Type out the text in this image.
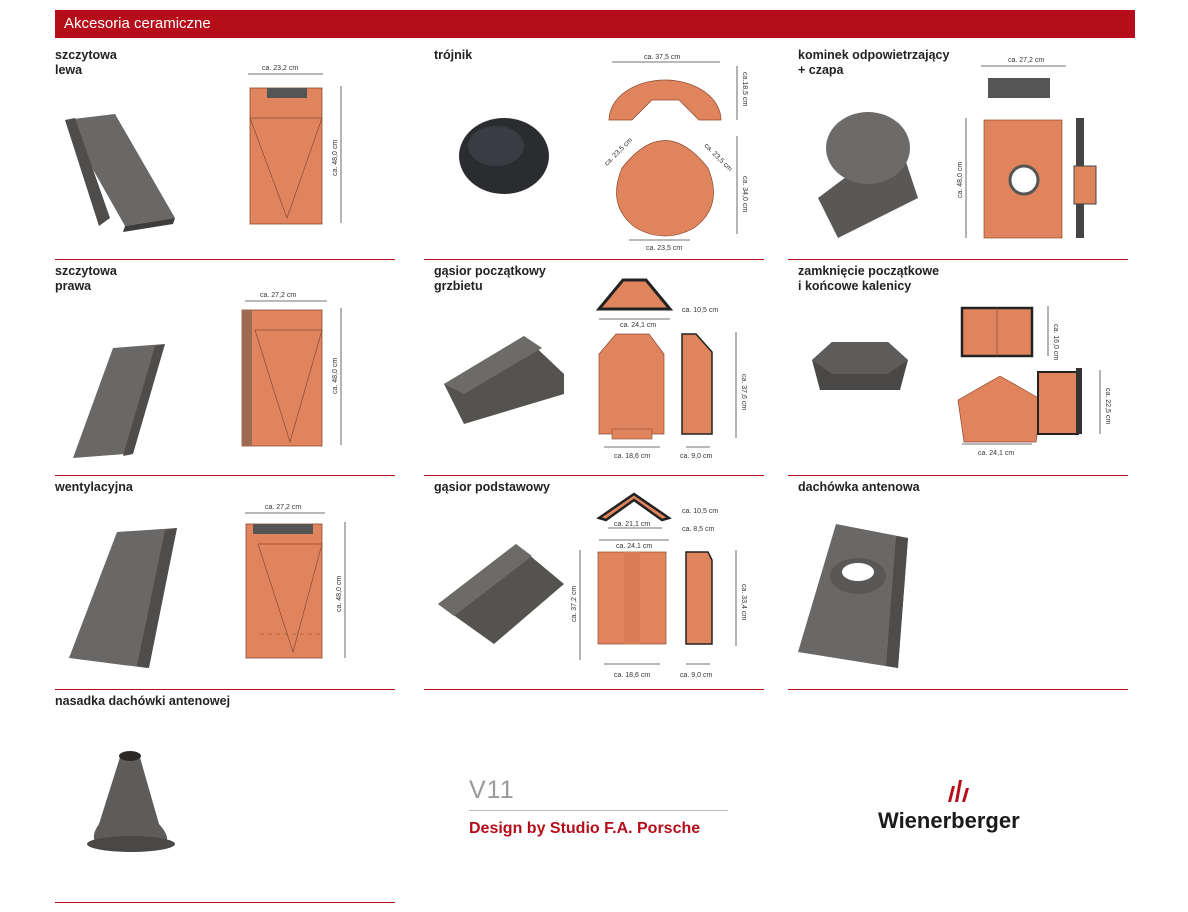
Akcesoria ceramiczne
szczytowa
lewa	ca. 23,2 cm
ca. 48,0 cm
trójnik	ca. 37,5 cm
ca.18,5 cm
ca. 23,5 cm	ca. 23,5 cm
ca. 34,0 cm
ca. 23,5 cm
kominek odpowietrzający
+ czapa
ca. 27,2 cm
ca. 48,0 cm
szczytowa
prawa
ca. 27,2 cm
ca. 48,0 cm
gąsior początkowy
grzbietu
ca. 24,1 cm
ca. 10,5 cm
ca. 37,6 cm
ca. 18,6 cm	ca. 9,0 cm
zamknięcie początkowe
i końcowe kalenicy
ca. 16,0 cm
ca. 22,5 cm
ca. 24,1 cm
wentylacyjna
ca. 27,2 cm
ca. 48,0 cm
gąsior podstawowy
ca. 21,1 cm
ca. 24,1 cm
ca. 10,5 cm
ca. 8,5 cm
ca. 37,2 cm	ca. 33,4 cm
ca. 18,6 cm	ca. 9,0 cm
dachówka antenowa
nasadka dachówki antenowej
V11
Design by Studio F.A. Porsche	Wienerberger
